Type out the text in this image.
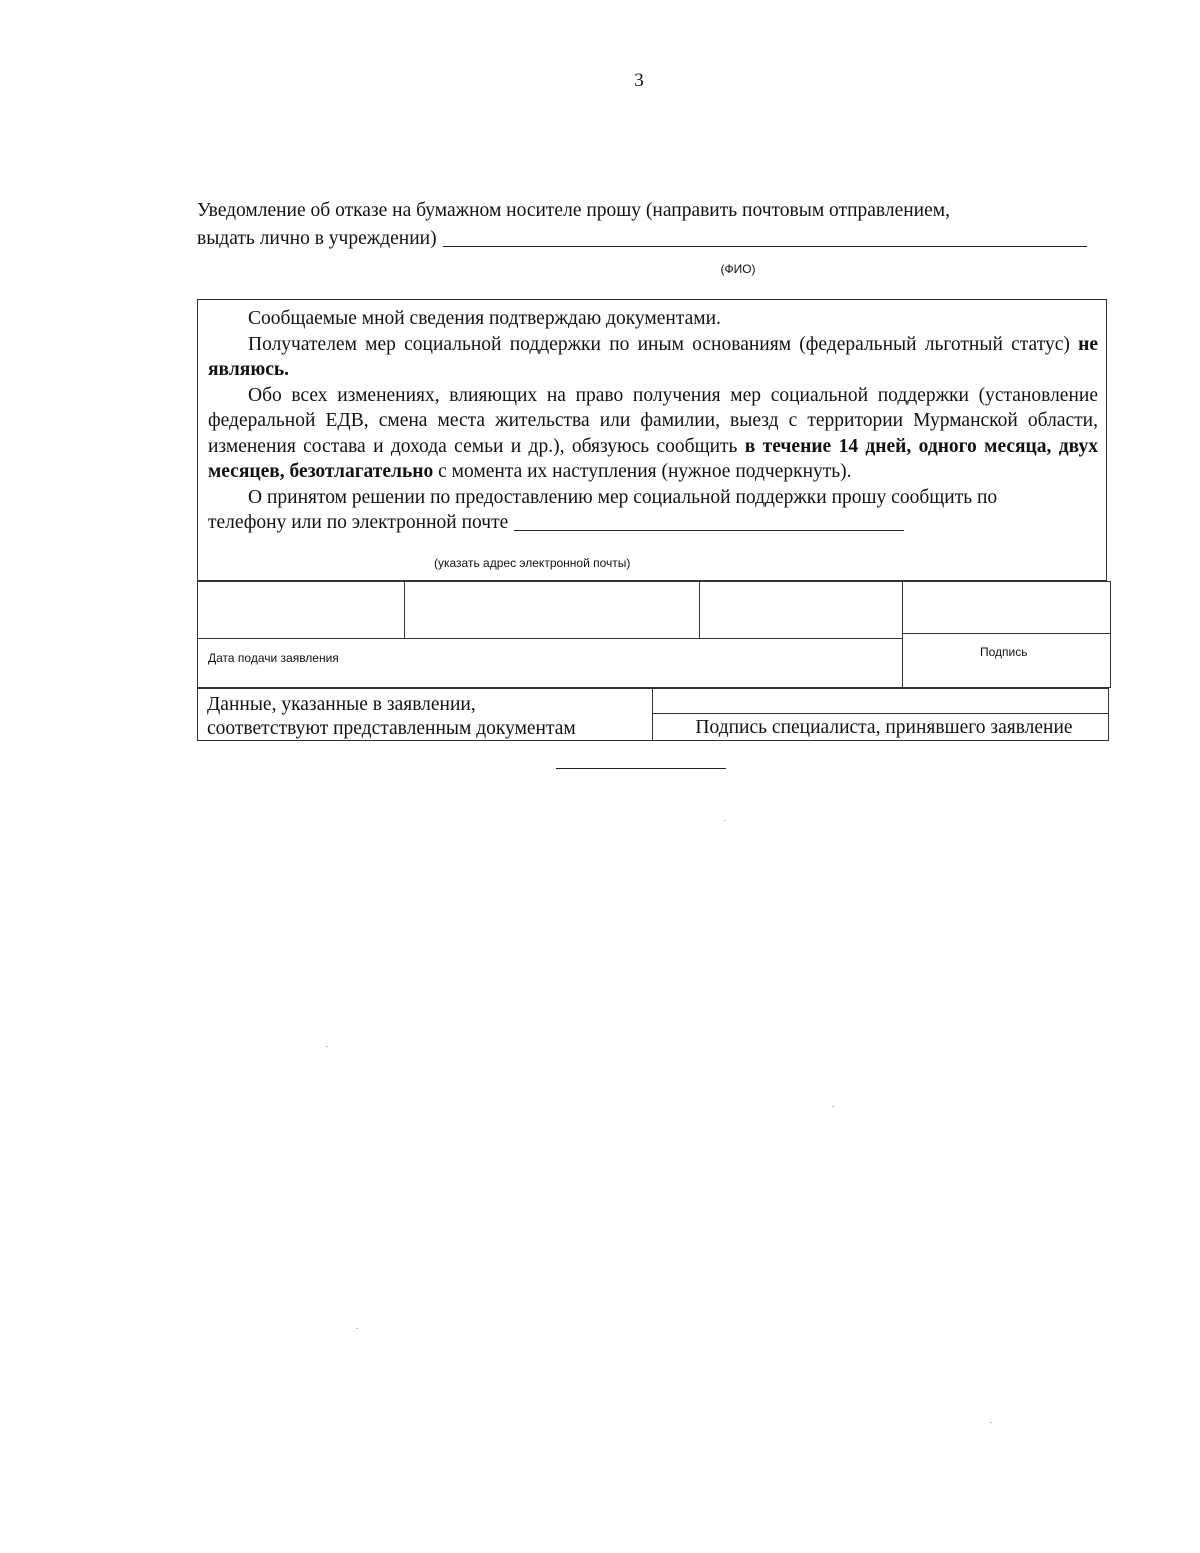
3
Уведомление об отказе на бумажном носителе прошу (направить почтовым отправлением,
выдать лично в учреждении)
(ФИО)

Сообщаемые мной сведения подтверждаю документами.

Получателем мер социальной поддержки по иным основаниям (федеральный льготный статус) не являюсь.

Обо всех изменениях, влияющих на право получения мер социальной поддержки (установление федеральной ЕДВ, смена места жительства или фамилии, выезд с территории Мурманской области, изменения состава и дохода семьи и др.), обязуюсь сообщить в течение 14 дней, одного месяца, двух месяцев, безотлагательно с момента их наступления (нужное подчеркнуть).

О принятом решении по предоставлению мер социальной поддержки прошу сообщить по

телефону или по электронной почте
(указать адрес электронной почты)
Дата подачи заявления	Подпись
Данные, указанные в заявлении,
соответствуют представленным документам	Подпись специалиста, принявшего заявление
